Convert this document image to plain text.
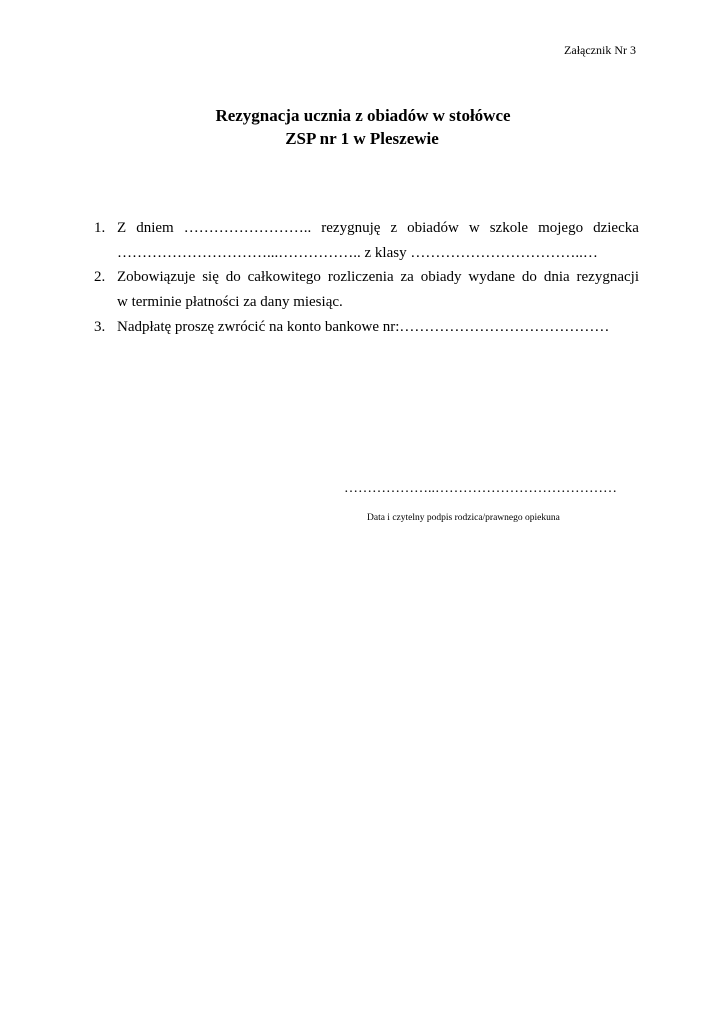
Załącznik Nr 3
Rezygnacja ucznia z obiadów w stołówce
ZSP nr 1 w Pleszewie
1. Z dniem …………………….. rezygnuję z obiadów w szkole mojego dziecka
…………………………...…………….. z klasy ……………………………..…
2. Zobowiązuje się do całkowitego rozliczenia za obiady wydane do dnia rezygnacji
w terminie płatności za dany miesiąc.
3. Nadpłatę proszę zwrócić na konto bankowe nr:……………………………………
………………..…………………………………
Data i czytelny podpis rodzica/prawnego opiekuna
